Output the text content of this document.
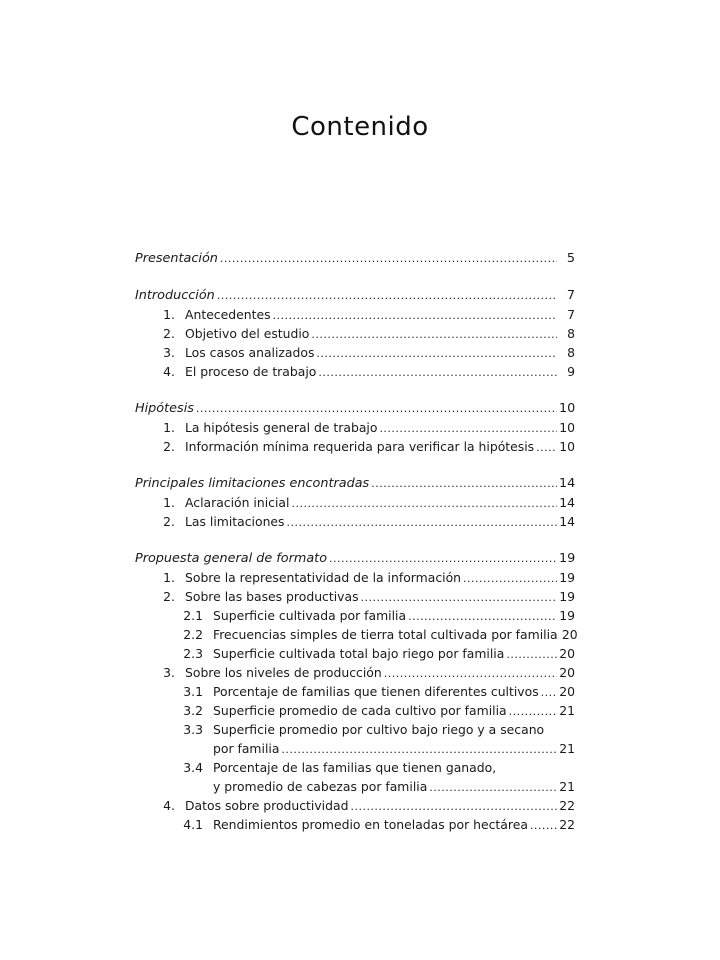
Contenido
Presentación .....	5
Introducción .....	7
1. Antecedentes .....	7
2. Objetivo del estudio .....	8
3. Los casos analizados .....	8
4. El proceso de trabajo .....	9
Hipótesis .....	10
1. La hipótesis general de trabajo .....	10
2. Información mínima requerida para verificar la hipótesis ..... 10
Principales limitaciones encontradas .....	14
1. Aclaración inicial .....	14
2. Las limitaciones .....	14
Propuesta general de formato .....	19
1. Sobre la representatividad de la información .....	19
2. Sobre las bases productivas .....	19
2.1 Superficie cultivada por familia .....	19
2.2 Frecuencias simples de tierra total cultivada por familia 20
2.3 Superficie cultivada total bajo riego por familia .....	20
3. Sobre los niveles de producción .....	20
3.1 Porcentaje de familias que tienen diferentes cultivos ..... 20
3.2 Superficie promedio de cada cultivo por familia .....	21
3.3 Superficie promedio por cultivo bajo riego y a secano
por familia .....	21
3.4 Porcentaje de las familias que tienen ganado,
y promedio de cabezas por familia .....	21
4. Datos sobre productividad .....	22
4.1 Rendimientos promedio en toneladas por hectárea .....	22
